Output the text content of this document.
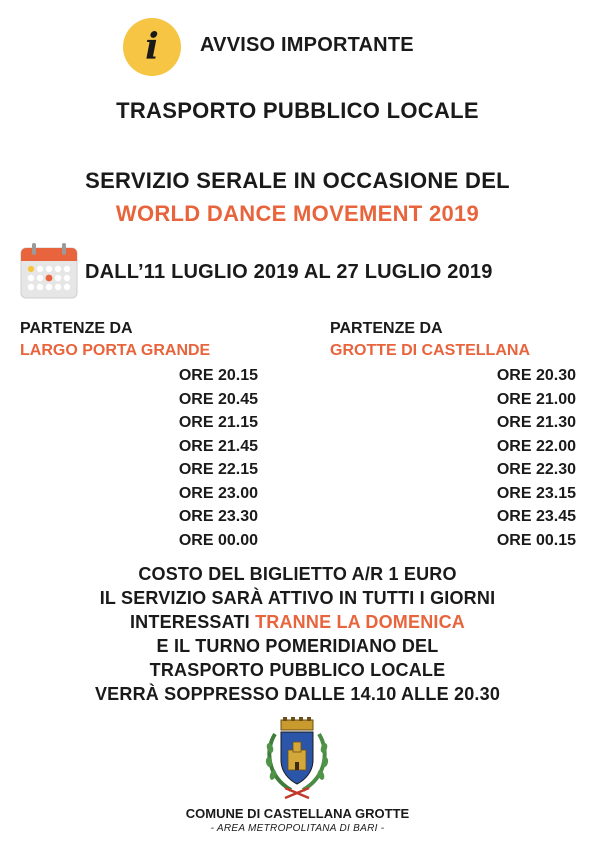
i	AVVISO IMPORTANTE
TRASPORTO PUBBLICO LOCALE
SERVIZIO SERALE IN OCCASIONE DEL
WORLD DANCE MOVEMENT 2019
DALL’11 LUGLIO 2019 AL 27 LUGLIO 2019
PARTENZE DA
LARGO PORTA GRANDE
ORE 20.15
ORE 20.45
ORE 21.15
ORE 21.45
ORE 22.15
ORE 23.00
ORE 23.30
ORE 00.00
PARTENZE DA
GROTTE DI CASTELLANA
ORE 20.30
ORE 21.00
ORE 21.30
ORE 22.00
ORE 22.30
ORE 23.15
ORE 23.45
ORE 00.15
COSTO DEL BIGLIETTO A/R 1 EURO
IL SERVIZIO SARÀ ATTIVO IN TUTTI I GIORNI
INTERESSATI TRANNE LA DOMENICA
E IL TURNO POMERIDIANO DEL
TRASPORTO PUBBLICO LOCALE
VERRÀ SOPPRESSO DALLE 14.10 ALLE 20.30
COMUNE DI CASTELLANA GROTTE
- AREA METROPOLITANA DI BARI -
